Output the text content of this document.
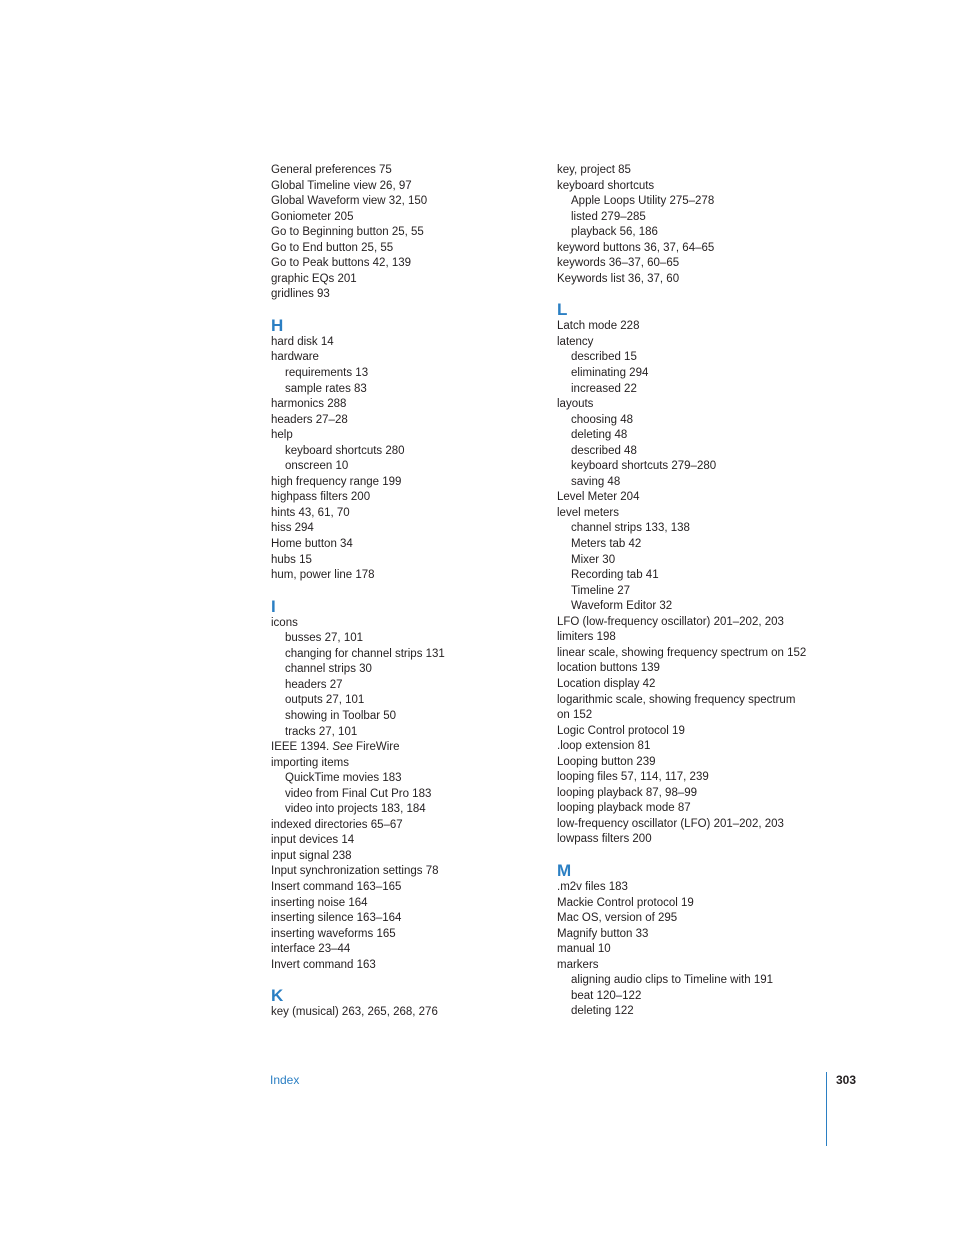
General preferences 75
Global Timeline view 26, 97
Global Waveform view 32, 150
Goniometer 205
Go to Beginning button 25, 55
Go to End button 25, 55
Go to Peak buttons 42, 139
graphic EQs 201
gridlines 93
H
hard disk 14
hardware
requirements 13
sample rates 83
harmonics 288
headers 27–28
help
keyboard shortcuts 280
onscreen 10
high frequency range 199
highpass filters 200
hints 43, 61, 70
hiss 294
Home button 34
hubs 15
hum, power line 178
I
icons
busses 27, 101
changing for channel strips 131
channel strips 30
headers 27
outputs 27, 101
showing in Toolbar 50
tracks 27, 101
IEEE 1394. See FireWire
importing items
QuickTime movies 183
video from Final Cut Pro 183
video into projects 183, 184
indexed directories 65–67
input devices 14
input signal 238
Input synchronization settings 78
Insert command 163–165
inserting noise 164
inserting silence 163–164
inserting waveforms 165
interface 23–44
Invert command 163
K
key (musical) 263, 265, 268, 276
key, project 85
keyboard shortcuts
Apple Loops Utility 275–278
listed 279–285
playback 56, 186
keyword buttons 36, 37, 64–65
keywords 36–37, 60–65
Keywords list 36, 37, 60
L
Latch mode 228
latency
described 15
eliminating 294
increased 22
layouts
choosing 48
deleting 48
described 48
keyboard shortcuts 279–280
saving 48
Level Meter 204
level meters
channel strips 133, 138
Meters tab 42
Mixer 30
Recording tab 41
Timeline 27
Waveform Editor 32
LFO (low-frequency oscillator) 201–202, 203
limiters 198
linear scale, showing frequency spectrum on 152
location buttons 139
Location display 42
logarithmic scale, showing frequency spectrum
on 152
Logic Control protocol 19
.loop extension 81
Looping button 239
looping files 57, 114, 117, 239
looping playback 87, 98–99
looping playback mode 87
low-frequency oscillator (LFO) 201–202, 203
lowpass filters 200
M
.m2v files 183
Mackie Control protocol 19
Mac OS, version of 295
Magnify button 33
manual 10
markers
aligning audio clips to Timeline with 191
beat 120–122
deleting 122
Index	303
